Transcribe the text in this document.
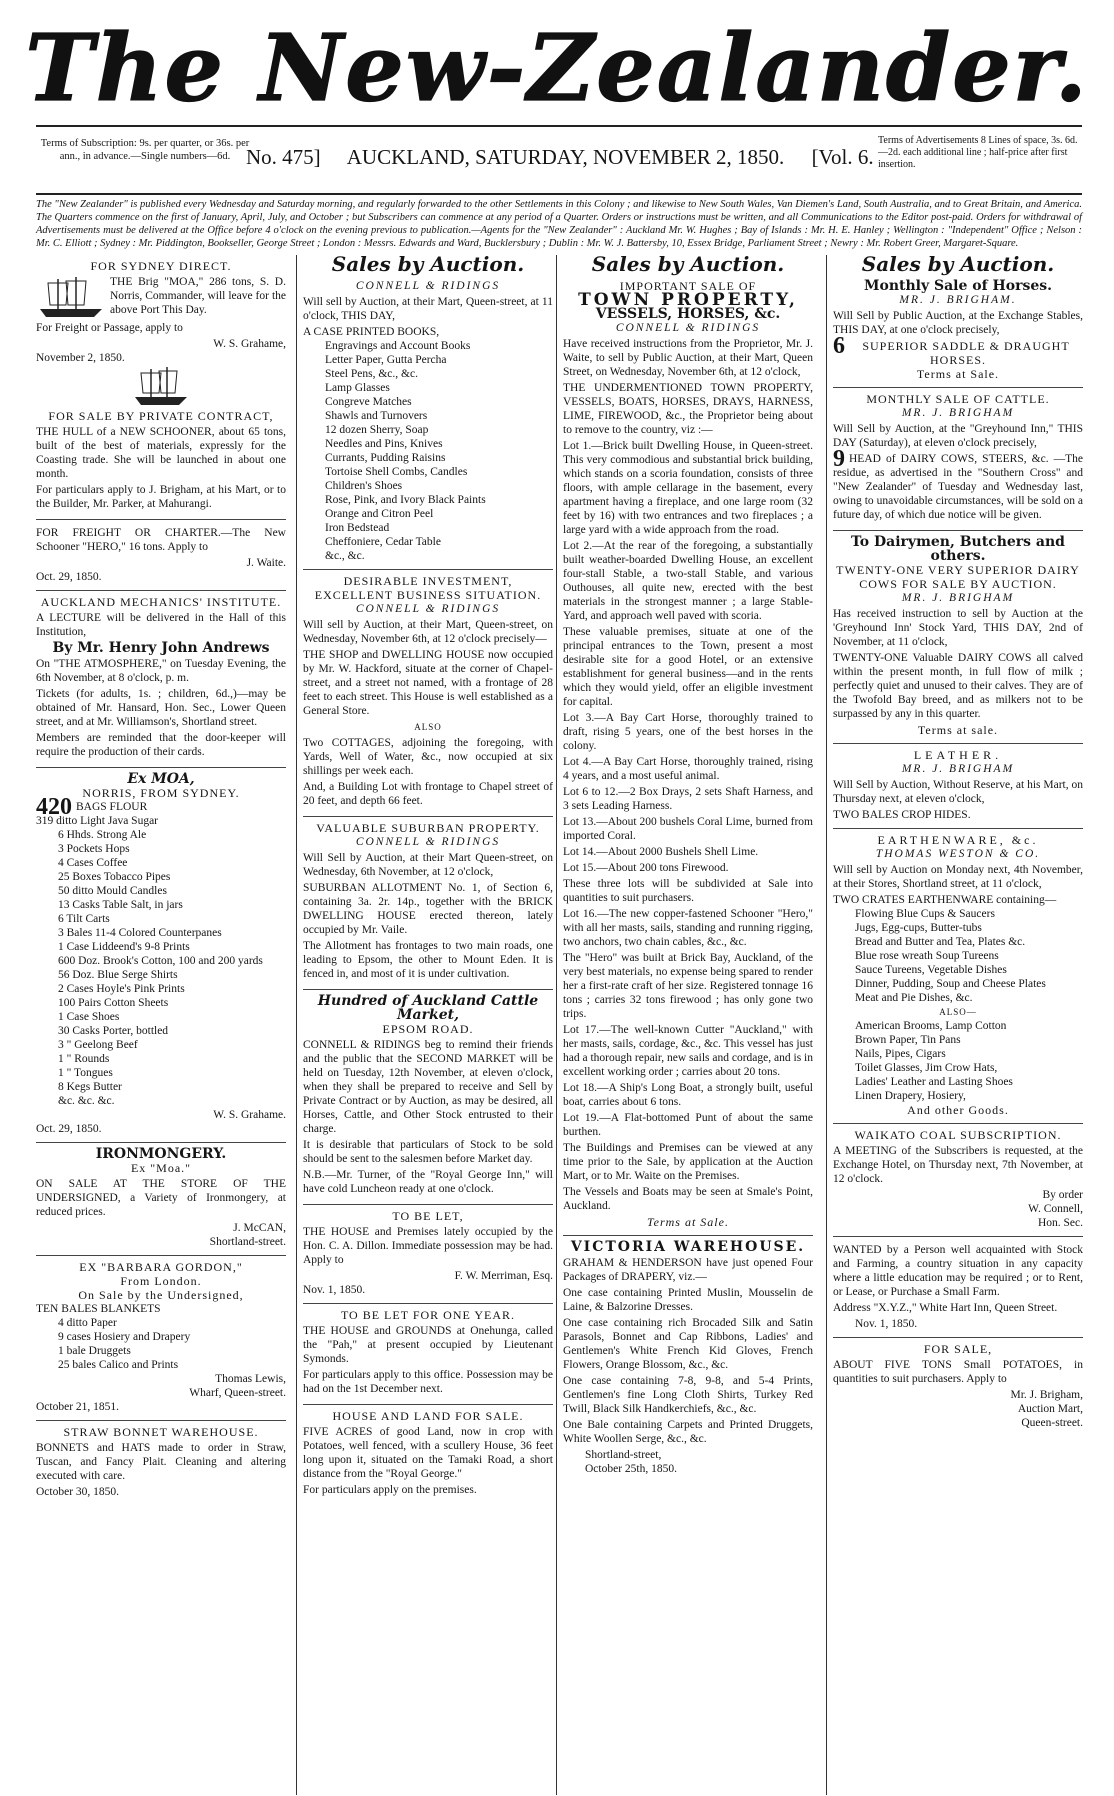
The New-Zealander.
Terms of Subscription: 9s. per quarter, or 36s. per ann., in advance.—Single numbers—6d. No. 475] AUCKLAND, SATURDAY, NOVEMBER 2, 1850. [Vol. 6.
Terms of Advertisements 8 Lines of space, 3s. 6d.—2d. each additional line ; half-price after first insertion.
The "New Zealander" is published every Wednesday and Saturday morning, and regularly forwarded to the other Settlements in this Colony ; and likewise to New South Wales, Van Diemen's Land, South Australia, and to Great Britain, and America. The Quarters commence on the first of January, April, July, and October ; but Subscribers can commence at any period of a Quarter. Orders or instructions must be written, and all Communications to the Editor post-paid. Orders for withdrawal of Advertisements must be delivered at the Office before 4 o'clock on the evening previous to publication.—Agents for the "New Zealander" : Auckland Mr. W. Hughes ; Bay of Islands : Mr. H. E. Hanley ; Wellington : "Independent" Office ; Nelson : Mr. C. Elliott ; Sydney : Mr. Piddington, Bookseller, George Street ; London : Messrs. Edwards and Ward, Bucklersbury ; Dublin : Mr. W. J. Battersby, 10, Essex Bridge, Parliament Street ; Newry : Mr. Robert Greer, Margaret-Square.
FOR SYDNEY DIRECT.
THE Brig "MOA," 286 tons, S. D. Norris, Commander, will leave for the above Port This Day.
For Freight or Passage, apply to
W. S. Grahame,
November 2, 1850.
FOR SALE BY PRIVATE CONTRACT,
THE HULL of a NEW SCHOONER, about 65 tons, built of the best of materials, expressly for the Coasting trade. She will be launched in about one month.
For particulars apply to J. Brigham, at his Mart, or to the Builder, Mr. Parker, at Mahurangi.
FOR FREIGHT OR CHARTER.—The New Schooner "HERO," 16 tons. Apply to
J. Waite.
Oct. 29, 1850.
AUCKLAND MECHANICS' INSTITUTE.
A LECTURE will be delivered in the Hall of this Institution,
By Mr. Henry John Andrews
On "THE ATMOSPHERE," on Tuesday Evening, the 6th November, at 8 o'clock, p. m.
Tickets (for adults, 1s. ; children, 6d.,)—may be obtained of Mr. Hansard, Hon. Sec., Lower Queen street, and at Mr. Williamson's, Shortland street.
Members are reminded that the door-keeper will require the production of their cards.
Ex MOA,
NORRIS, FROM SYDNEY.
420 BAGS FLOUR
319 ditto Light Java Sugar
6 Hhds. Strong Ale
3 Pockets Hops
4 Cases Coffee
25 Boxes Tobacco Pipes
50 ditto Mould Candles
13 Casks Table Salt, in jars
6 Tilt Carts
3 Bales 11-4 Colored Counterpanes
1 Case Liddeend's 9-8 Prints
600 Doz. Brook's Cotton, 100 and 200 yards
56 Doz. Blue Serge Shirts
2 Cases Hoyle's Pink Prints
100 Pairs Cotton Sheets
1 Case Shoes
30 Casks Porter, bottled
3 " Geelong Beef
1 " Rounds
1 " Tongues
8 Kegs Butter
&c. &c. &c.
W. S. Grahame.
Oct. 29, 1850.
IRONMONGERY.
Ex "Moa."
ON SALE AT THE STORE OF THE UNDERSIGNED, a Variety of Ironmongery, at reduced prices.
J. McCAN,
Shortland-street.
EX "BARBARA GORDON,"
From London.
On Sale by the Undersigned,
TEN BALES BLANKETS
4 ditto Paper
9 cases Hosiery and Drapery
1 bale Druggets
25 bales Calico and Prints
Thomas Lewis,
Wharf, Queen-street.
October 21, 1851.
STRAW BONNET WAREHOUSE.
BONNETS and HATS made to order in Straw, Tuscan, and Fancy Plait. Cleaning and altering executed with care.
October 30, 1850.
Sales by Auction.
CONNELL & RIDINGS
Will sell by Auction, at their Mart, Queen-street, at 11 o'clock, THIS DAY,
A CASE PRINTED BOOKS,
Engravings and Account Books
Letter Paper, Gutta Percha
Steel Pens, &c., &c.
Lamp Glasses
Congreve Matches
Shawls and Turnovers
12 dozen Sherry, Soap
Needles and Pins, Knives
Currants, Pudding Raisins
Tortoise Shell Combs, Candles
Children's Shoes
Rose, Pink, and Ivory Black Paints
Orange and Citron Peel
Iron Bedstead
Cheffoniere, Cedar Table
&c., &c.
DESIRABLE INVESTMENT, EXCELLENT BUSINESS SITUATION.
CONNELL & RIDINGS
Will sell by Auction, at their Mart, Queen-street, on Wednesday, November 6th, at 12 o'clock precisely—
THE SHOP and DWELLING HOUSE now occupied by Mr. W. Hackford, situate at the corner of Chapel-street, and a street not named, with a frontage of 28 feet to each street. This House is well established as a General Store.
ALSO
Two COTTAGES, adjoining the foregoing, with Yards, Well of Water, &c., now occupied at six shillings per week each.
And, a Building Lot with frontage to Chapel street of 20 feet, and depth 66 feet.
VALUABLE SUBURBAN PROPERTY.
CONNELL & RIDINGS
Will Sell by Auction, at their Mart Queen-street, on Wednesday, 6th November, at 12 o'clock,
SUBURBAN ALLOTMENT No. 1, of Section 6, containing 3a. 2r. 14p., together with the BRICK DWELLING HOUSE erected thereon, lately occupied by Mr. Vaile.
The Allotment has frontages to two main roads, one leading to Epsom, the other to Mount Eden. It is fenced in, and most of it is under cultivation.
Hundred of Auckland Cattle Market,
EPSOM ROAD.
CONNELL & RIDINGS beg to remind their friends and the public that the SECOND MARKET will be held on Tuesday, 12th November, at eleven o'clock, when they shall be prepared to receive and Sell by Private Contract or by Auction, as may be desired, all Horses, Cattle, and Other Stock entrusted to their charge.
It is desirable that particulars of Stock to be sold should be sent to the salesmen before Market day.
N.B.—Mr. Turner, of the "Royal George Inn," will have cold Luncheon ready at one o'clock.
TO BE LET,
THE HOUSE and Premises lately occupied by the Hon. C. A. Dillon. Immediate possession may be had. Apply to
F. W. Merriman, Esq.
Nov. 1, 1850.
TO BE LET FOR ONE YEAR.
THE HOUSE and GROUNDS at Onehunga, called the "Pah," at present occupied by Lieutenant Symonds.
For particulars apply to this office. Possession may be had on the 1st December next.
HOUSE AND LAND FOR SALE.
FIVE ACRES of good Land, now in crop with Potatoes, well fenced, with a scullery House, 36 feet long upon it, situated on the Tamaki Road, a short distance from the "Royal George."
For particulars apply on the premises.
Sales by Auction.
IMPORTANT SALE OF
TOWN PROPERTY,
VESSELS, HORSES, &c.
CONNELL & RIDINGS
Have received instructions from the Proprietor, Mr. J. Waite, to sell by Public Auction, at their Mart, Queen Street, on Wednesday, November 6th, at 12 o'clock,
THE UNDERMENTIONED TOWN PROPERTY, VESSELS, BOATS, HORSES, DRAYS, HARNESS, LIME, FIREWOOD, &c., the Proprietor being about to remove to the country, viz :—
Lot 1.—Brick built Dwelling House, in Queen-street. This very commodious and substantial brick building, which stands on a scoria foundation, consists of three floors, with ample cellarage in the basement, every apartment having a fireplace, and one large room (32 feet by 16) with two entrances and two fireplaces ; a large yard with a wide approach from the road.
Lot 2.—At the rear of the foregoing, a substantially built weather-boarded Dwelling House, an excellent four-stall Stable, a two-stall Stable, and various Outhouses, all quite new, erected with the best materials in the strongest manner ; a large Stable-Yard, and approach well paved with scoria.
These valuable premises, situate at one of the principal entrances to the Town, present a most desirable site for a good Hotel, or an extensive establishment for general business—and in the rents which they would yield, offer an eligible investment for capital.
Lot 3.—A Bay Cart Horse, thoroughly trained to draft, rising 5 years, one of the best horses in the colony.
Lot 4.—A Bay Cart Horse, thoroughly trained, rising 4 years, and a most useful animal.
Lot 6 to 12.—2 Box Drays, 2 sets Shaft Harness, and 3 sets Leading Harness.
Lot 13.—About 200 bushels Coral Lime, burned from imported Coral.
Lot 14.—About 2000 Bushels Shell Lime.
Lot 15.—About 200 tons Firewood.
These three lots will be subdivided at Sale into quantities to suit purchasers.
Lot 16.—The new copper-fastened Schooner "Hero," with all her masts, sails, standing and running rigging, two anchors, two chain cables, &c., &c.
The "Hero" was built at Brick Bay, Auckland, of the very best materials, no expense being spared to render her a first-rate craft of her size. Registered tonnage 16 tons ; carries 32 tons firewood ; has only gone two trips.
Lot 17.—The well-known Cutter "Auckland," with her masts, sails, cordage, &c., &c. This vessel has just had a thorough repair, new sails and cordage, and is in excellent working order ; carries about 20 tons.
Lot 18.—A Ship's Long Boat, a strongly built, useful boat, carries about 6 tons.
Lot 19.—A Flat-bottomed Punt of about the same burthen.
The Buildings and Premises can be viewed at any time prior to the Sale, by application at the Auction Mart, or to Mr. Waite on the Premises.
The Vessels and Boats may be seen at Smale's Point, Auckland.
Terms at Sale.
VICTORIA WAREHOUSE.
GRAHAM & HENDERSON have just opened Four Packages of DRAPERY, viz.—
One case containing Printed Muslin, Mousselin de Laine, & Balzorine Dresses.
One case containing rich Brocaded Silk and Satin Parasols, Bonnet and Cap Ribbons, Ladies' and Gentlemen's White French Kid Gloves, French Flowers, Orange Blossom, &c., &c.
One case containing 7-8, 9-8, and 5-4 Prints, Gentlemen's fine Long Cloth Shirts, Turkey Red Twill, Black Silk Handkerchiefs, &c., &c.
One Bale containing Carpets and Printed Druggets, White Woollen Serge, &c., &c.
Shortland-street,
October 25th, 1850.
Sales by Auction.
Monthly Sale of Horses.
MR. J. BRIGHAM.
Will Sell by Public Auction, at the Exchange Stables, THIS DAY, at one o'clock precisely,
6	SUPERIOR SADDLE & DRAUGHT HORSES.
Terms at Sale.
MONTHLY SALE OF CATTLE.
MR. J. BRIGHAM
Will Sell by Auction, at the "Greyhound Inn," THIS DAY (Saturday), at eleven o'clock precisely,
9 HEAD of DAIRY COWS, STEERS, &c. —The residue, as advertised in the "Southern Cross" and "New Zealander" of Tuesday and Wednesday last, owing to unavoidable circumstances, will be sold on a future day, of which due notice will be given.
To Dairymen, Butchers and others.
TWENTY-ONE VERY SUPERIOR DAIRY COWS FOR SALE BY AUCTION.
MR. J. BRIGHAM
Has received instruction to sell by Auction at the 'Greyhound Inn' Stock Yard, THIS DAY, 2nd of November, at 11 o'clock,
TWENTY-ONE Valuable DAIRY COWS all calved within the present month, in full flow of milk ; perfectly quiet and unused to their calves. They are of the Twofold Bay breed, and as milkers not to be surpassed by any in this quarter.
Terms at sale.
LEATHER.
MR. J. BRIGHAM
Will Sell by Auction, Without Reserve, at his Mart, on Thursday next, at eleven o'clock,
TWO BALES CROP HIDES.
EARTHENWARE, &c.
THOMAS WESTON & CO.
Will sell by Auction on Monday next, 4th November, at their Stores, Shortland street, at 11 o'clock,
TWO CRATES EARTHENWARE containing—
Flowing Blue Cups & Saucers
Jugs, Egg-cups, Butter-tubs
Bread and Butter and Tea, Plates &c.
Blue rose wreath Soup Tureens
Sauce Tureens, Vegetable Dishes
Dinner, Pudding, Soup and Cheese Plates
Meat and Pie Dishes, &c.
ALSO—
American Brooms, Lamp Cotton
Brown Paper, Tin Pans
Nails, Pipes, Cigars
Toilet Glasses, Jim Crow Hats,
Ladies' Leather and Lasting Shoes
Linen Drapery, Hosiery,
And other Goods.
WAIKATO COAL SUBSCRIPTION.
A MEETING of the Subscribers is requested, at the Exchange Hotel, on Thursday next, 7th November, at 12 o'clock.
By order
W. Connell,
Hon. Sec.
WANTED by a Person well acquainted with Stock and Farming, a country situation in any capacity where a little education may be required ; or to Rent, or Lease, or Purchase a Small Farm.
Address "X.Y.Z.," White Hart Inn, Queen Street.
Nov. 1, 1850.
FOR SALE,
ABOUT FIVE TONS Small POTATOES, in quantities to suit purchasers. Apply to
Mr. J. Brigham,
Auction Mart,
Queen-street.
